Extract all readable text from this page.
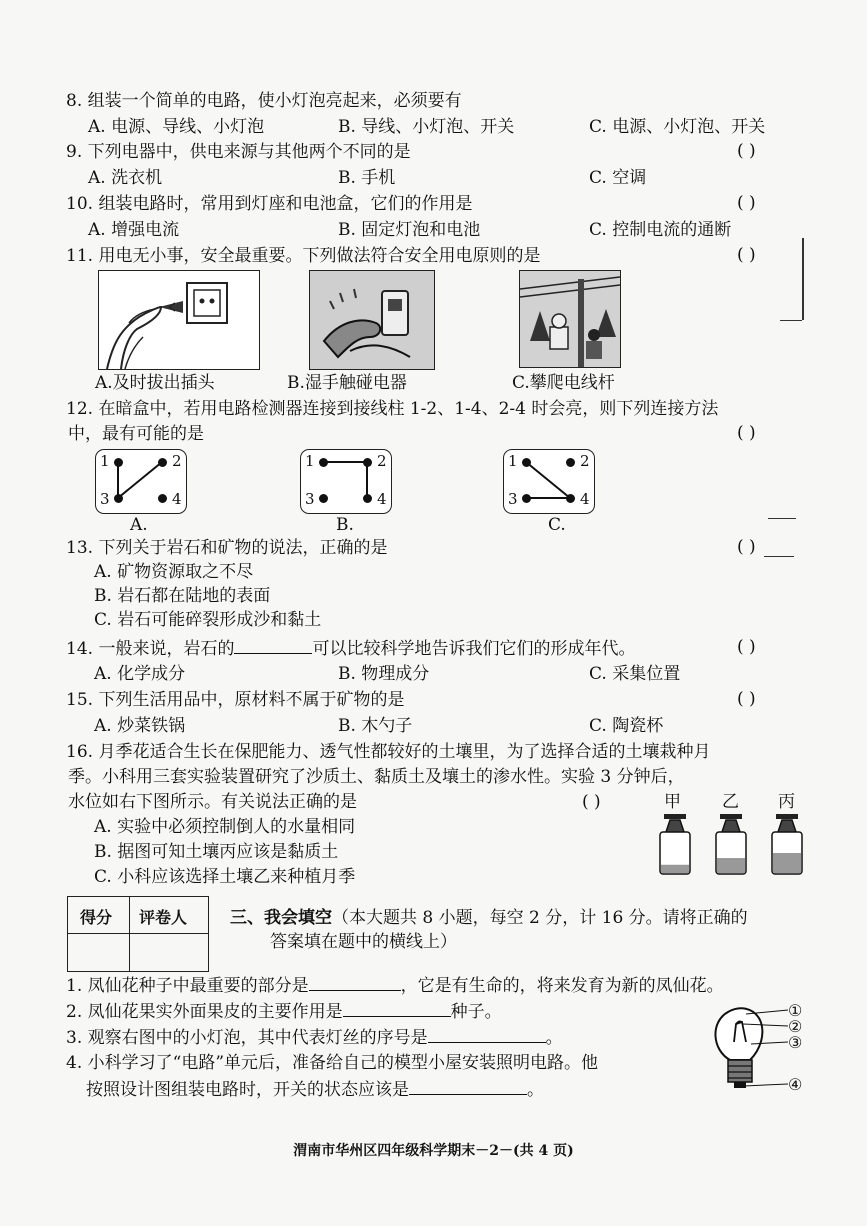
8. 组装一个简单的电路，使小灯泡亮起来，必须要有
A. 电源、导线、小灯泡	B. 导线、小灯泡、开关	C. 电源、小灯泡、开关
9. 下列电器中，供电来源与其他两个不同的是	( )
A. 洗衣机	B. 手机	C. 空调
10. 组装电路时，常用到灯座和电池盒，它们的作用是	( )
A. 增强电流	B. 固定灯泡和电池	C. 控制电流的通断
11. 用电无小事，安全最重要。下列做法符合安全用电原则的是	( )
A.及时拔出插头	B.湿手触碰电器	C.攀爬电线杆
12. 在暗盒中，若用电路检测器连接到接线柱 1-2、1-4、2-4 时会亮，则下列连接方法
中，最有可能的是	( )
1	2
3	4
1	2
3	4
1	2
3	4
A.	B.	C.
13. 下列关于岩石和矿物的说法，正确的是	( )
A. 矿物资源取之不尽
B. 岩石都在陆地的表面
C. 岩石可能碎裂形成沙和黏土
14. 一般来说，岩石的	可以比较科学地告诉我们它们的形成年代。	( )
A. 化学成分	B. 物理成分	C. 采集位置
15. 下列生活用品中，原材料不属于矿物的是	( )
A. 炒菜铁锅	B. 木勺子	C. 陶瓷杯
16. 月季花适合生长在保肥能力、透气性都较好的土壤里，为了选择合适的土壤栽种月
季。小科用三套实验装置研究了沙质土、黏质土及壤土的渗水性。实验 3 分钟后，
水位如右下图所示。有关说法正确的是	( )	甲 乙 丙
A. 实验中必须控制倒人的水量相同
B. 据图可知土壤丙应该是黏质土
C. 小科应该选择土壤乙来种植月季
得分 评卷人	三、我会填空（本大题共 8 小题，每空 2 分，计 16 分。请将正确的
答案填在题中的横线上）
1. 凤仙花种子中最重要的部分是	，它是有生命的，将来发育为新的凤仙花。
2. 凤仙花果实外面果皮的主要作用是	种子。
3. 观察右图中的小灯泡，其中代表灯丝的序号是	。
4. 小科学习了“电路”单元后，准备给自己的模型小屋安装照明电路。他
按照设计图组装电路时，开关的状态应该是	。
①
②
③
④
渭南市华州区四年级科学期末－2－(共 4 页)
